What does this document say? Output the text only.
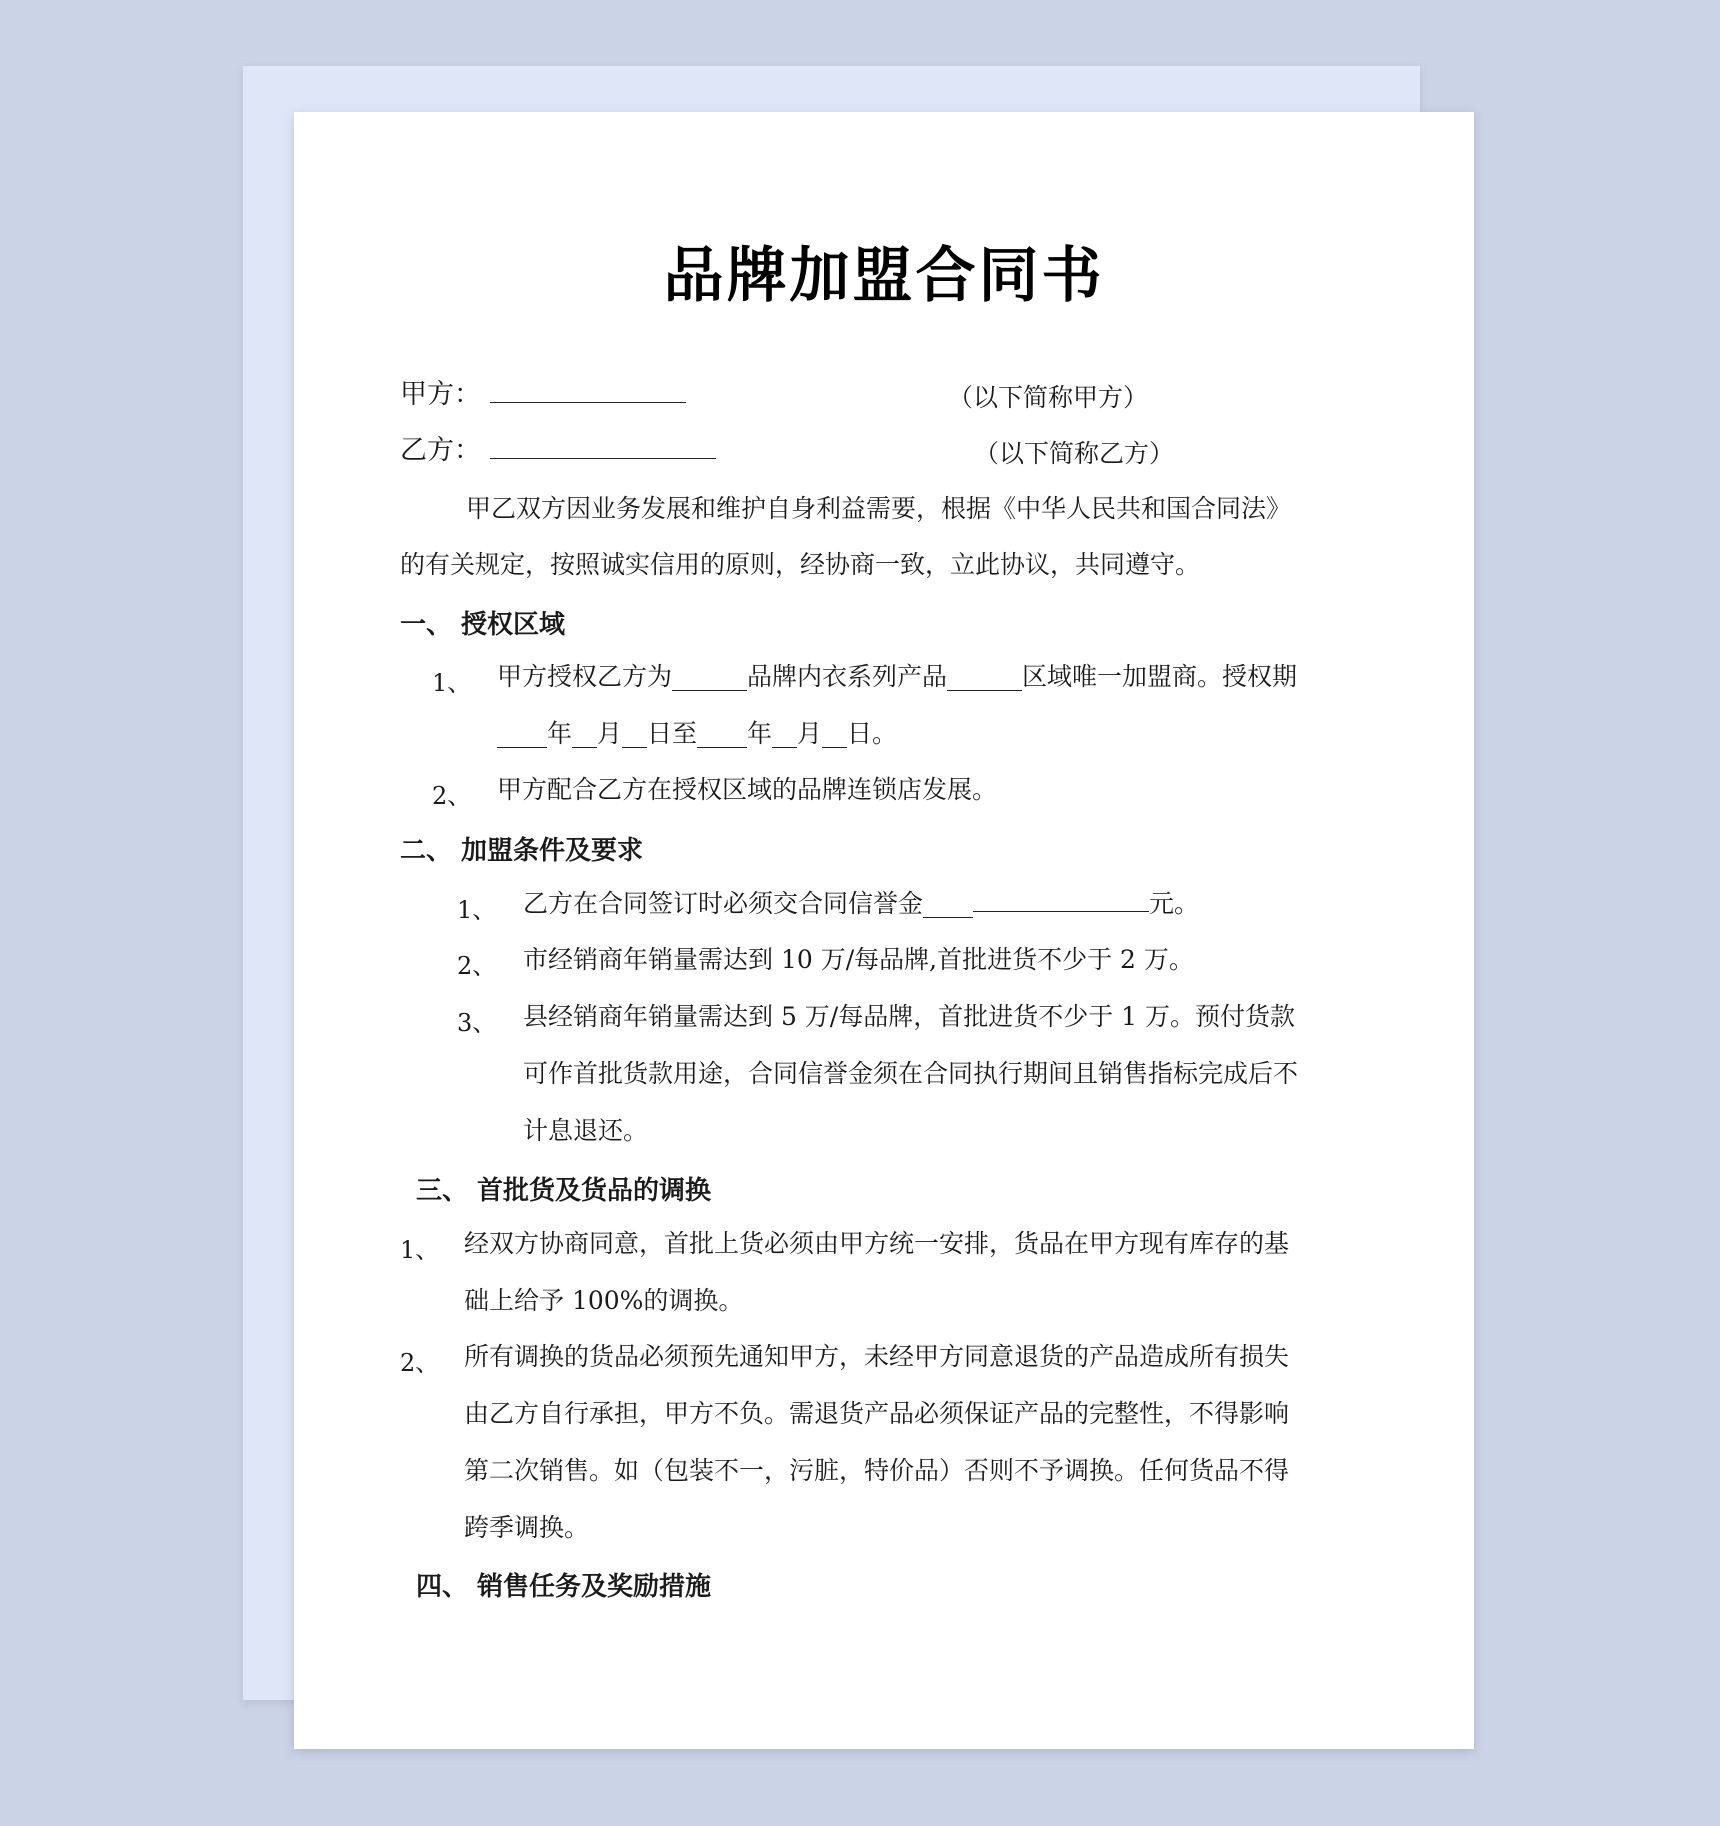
品牌加盟合同书
甲方：	（以下简称甲方）
乙方：	（以下简称乙方）
甲乙双方因业务发展和维护自身利益需要，根据《中华人民共和国合同法》
的有关规定，按照诚实信用的原则，经协商一致，立此协议，共同遵守。
一、 授权区域
1、 甲方授权乙方为______品牌内衣系列产品______区域唯一加盟商。授权期
____年__月__日至____年__月__日。
2、 甲方配合乙方在授权区域的品牌连锁店发展。
二、 加盟条件及要求
1、 乙方在合同签订时必须交合同信誉金____	元。
2、 市经销商年销量需达到 10 万/每品牌,首批进货不少于 2 万。
3、 县经销商年销量需达到 5 万/每品牌，首批进货不少于 1 万。预付货款
可作首批货款用途，合同信誉金须在合同执行期间且销售指标完成后不
计息退还。
三、 首批货及货品的调换
1、 经双方协商同意，首批上货必须由甲方统一安排，货品在甲方现有库存的基
础上给予 100%的调换。
2、 所有调换的货品必须预先通知甲方，未经甲方同意退货的产品造成所有损失
由乙方自行承担，甲方不负。需退货产品必须保证产品的完整性，不得影响
第二次销售。如（包装不一，污脏，特价品）否则不予调换。任何货品不得
跨季调换。
四、 销售任务及奖励措施
